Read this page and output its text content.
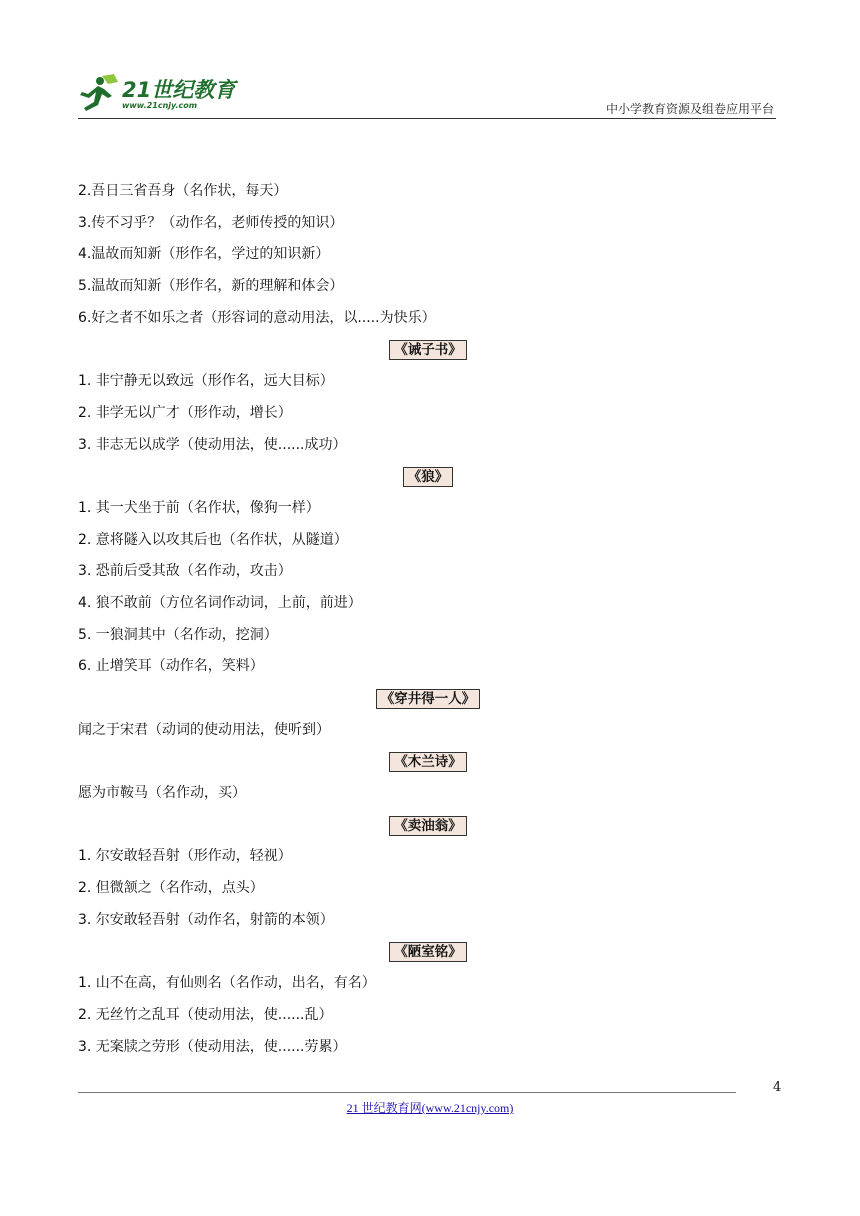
21世纪教育
www.21cnjy.com	中小学教育资源及组卷应用平台
2.吾日三省吾身（名作状，每天）
3.传不习乎？（动作名，老师传授的知识）
4.温故而知新（形作名，学过的知识新）
5.温故而知新（形作名，新的理解和体会）
6.好之者不如乐之者（形容词的意动用法，以.....为快乐）
《诫子书》
1. 非宁静无以致远（形作名，远大目标）
2. 非学无以广才（形作动，增长）
3. 非志无以成学（使动用法，使......成功）
《狼》
1. 其一犬坐于前（名作状，像狗一样）
2. 意将隧入以攻其后也（名作状，从隧道）
3. 恐前后受其敌（名作动，攻击）
4. 狼不敢前（方位名词作动词，上前，前进）
5. 一狼洞其中（名作动，挖洞）
6. 止增笑耳（动作名，笑料）
《穿井得一人》
闻之于宋君（动词的使动用法，使听到）
《木兰诗》
愿为市鞍马（名作动，买）
《卖油翁》
1. 尔安敢轻吾射（形作动，轻视）
2. 但微颔之（名作动，点头）
3. 尔安敢轻吾射（动作名，射箭的本领）
《陋室铭》
1. 山不在高，有仙则名（名作动，出名，有名）
2. 无丝竹之乱耳（使动用法，使......乱）
3. 无案牍之劳形（使动用法，使......劳累）
4
21 世纪教育网(www.21cnjy.com)
